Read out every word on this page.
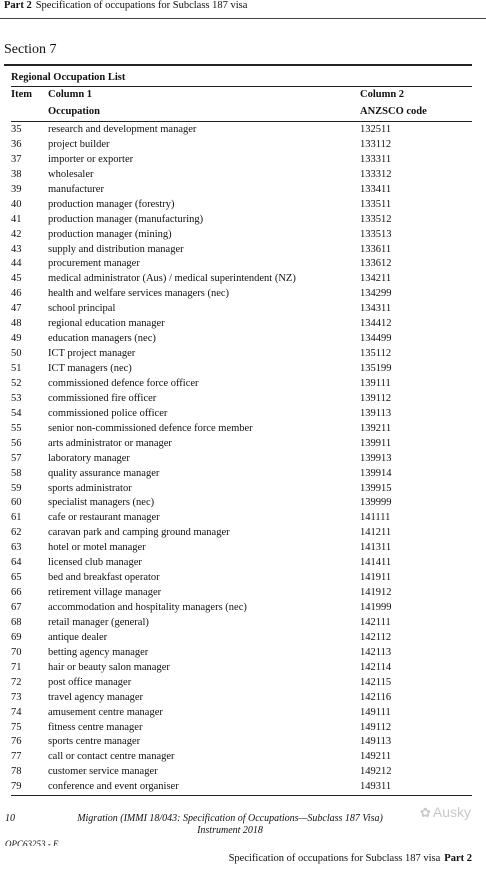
Part 2 Specification of occupations for Subclass 187 visa
Section 7
Regional Occupation List
Item Column 1
Occupation
Column 2
ANZSCO code
35	research and development manager	132511
36	project builder	133112
37	importer or exporter	133311
38	wholesaler	133312
39	manufacturer	133411
40	production manager (forestry)	133511
41	production manager (manufacturing)	133512
42	production manager (mining)	133513
43	supply and distribution manager	133611
44	procurement manager	133612
45	medical administrator (Aus) / medical superintendent (NZ)	134211
46	health and welfare services managers (nec)	134299
47	school principal	134311
48	regional education manager	134412
49	education managers (nec)	134499
50	ICT project manager	135112
51	ICT managers (nec)	135199
52	commissioned defence force officer	139111
53	commissioned fire officer	139112
54	commissioned police officer	139113
55	senior non-commissioned defence force member	139211
56	arts administrator or manager	139911
57	laboratory manager	139913
58	quality assurance manager	139914
59	sports administrator	139915
60	specialist managers (nec)	139999
61	cafe or restaurant manager	141111
62	caravan park and camping ground manager	141211
63	hotel or motel manager	141311
64	licensed club manager	141411
65	bed and breakfast operator	141911
66	retirement village manager	141912
67	accommodation and hospitality managers (nec)	141999
68	retail manager (general)	142111
69	antique dealer	142112
70	betting agency manager	142113
71	hair or beauty salon manager	142114
72	post office manager	142115
73	travel agency manager	142116
74	amusement centre manager	149111
75	fitness centre manager	149112
76	sports centre manager	149113
77	call or contact centre manager	149211
78	customer service manager	149212
79	conference and event organiser	149311
10	Migration (IMMI 18/043: Specification of Occupations—Subclass 187 Visa)
Instrument 2018
OPC63253 - E
✿ Ausky
Specification of occupations for Subclass 187 visa Part 2
